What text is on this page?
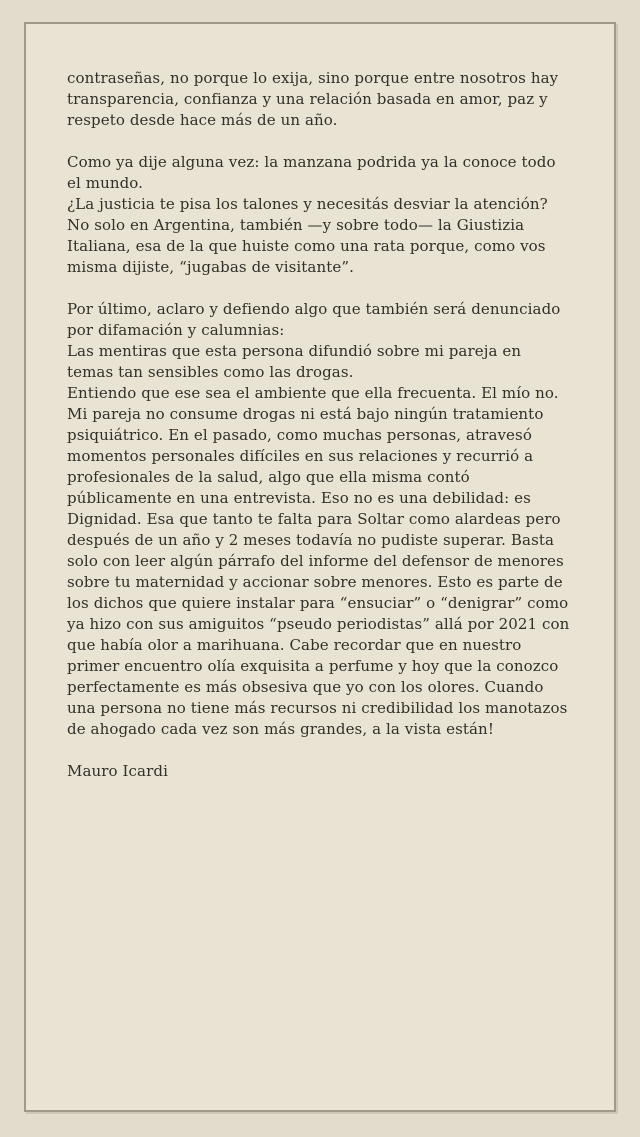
contraseñas, no porque lo exija, sino porque entre nosotros hay
transparencia, confianza y una relación basada en amor, paz y
respeto desde hace más de un año.

Como ya dije alguna vez: la manzana podrida ya la conoce todo
el mundo.
¿La justicia te pisa los talones y necesitás desviar la atención?
No solo en Argentina, también —y sobre todo— la Giustizia
Italiana, esa de la que huiste como una rata porque, como vos
misma dijiste, “jugabas de visitante”.

Por último, aclaro y defiendo algo que también será denunciado
por difamación y calumnias:
Las mentiras que esta persona difundió sobre mi pareja en
temas tan sensibles como las drogas.
Entiendo que ese sea el ambiente que ella frecuenta. El mío no.
Mi pareja no consume drogas ni está bajo ningún tratamiento
psiquiátrico. En el pasado, como muchas personas, atravesó
momentos personales difíciles en sus relaciones y recurrió a
profesionales de la salud, algo que ella misma contó
públicamente en una entrevista. Eso no es una debilidad: es
Dignidad. Esa que tanto te falta para Soltar como alardeas pero
después de un año y 2 meses todavía no pudiste superar. Basta
solo con leer algún párrafo del informe del defensor de menores
sobre tu maternidad y accionar sobre menores. Esto es parte de
los dichos que quiere instalar para “ensuciar” o “denigrar” como
ya hizo con sus amiguitos “pseudo periodistas” allá por 2021 con
que había olor a marihuana. Cabe recordar que en nuestro
primer encuentro olía exquisita a perfume y hoy que la conozco
perfectamente es más obsesiva que yo con los olores. Cuando
una persona no tiene más recursos ni credibilidad los manotazos
de ahogado cada vez son más grandes, a la vista están!

Mauro Icardi
